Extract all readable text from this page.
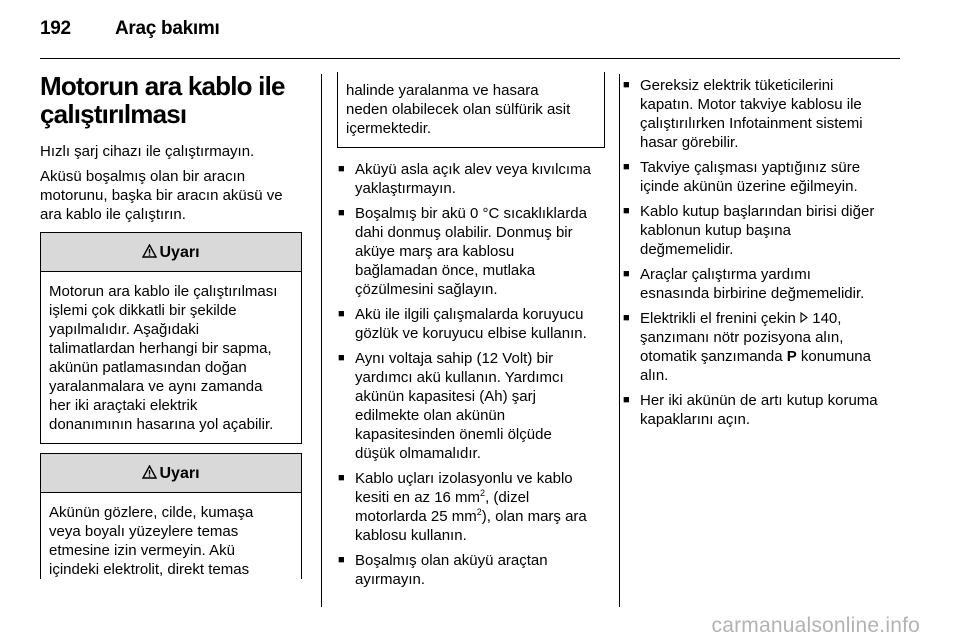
192 Araç bakımı
Motorun ara kablo ile
çalıştırılması

Hızlı şarj cihazı ile çalıştırmayın.

Aküsü boşalmış olan bir aracın
motorunu, başka bir aracın aküsü ve
ara kablo ile çalıştırın.

Uyarı
Motorun ara kablo ile çalıştırılması
işlemi çok dikkatli bir şekilde
yapılmalıdır. Aşağıdaki
talimatlardan herhangi bir sapma,
akünün patlamasından doğan
yaralanmalara ve aynı zamanda
her iki araçtaki elektrik
donanımının hasarına yol açabilir.
Uyarı
Akünün gözlere, cilde, kumaşa
veya boyalı yüzeylere temas
etmesine izin vermeyin. Akü
içindeki elektrolit, direkt temas
halinde yaralanma ve hasara
neden olabilecek olan sülfürik asit
içermektedir.
■ Aküyü asla açık alev veya kıvılcıma
yaklaştırmayın.
■ Boşalmış bir akü 0 °C sıcaklıklarda
dahi donmuş olabilir. Donmuş bir
aküye marş ara kablosu
bağlamadan önce, mutlaka
çözülmesini sağlayın.
■ Akü ile ilgili çalışmalarda koruyucu
gözlük ve koruyucu elbise kullanın.
■ Aynı voltaja sahip (12 Volt) bir
yardımcı akü kullanın. Yardımcı
akünün kapasitesi (Ah) şarj
edilmekte olan akünün
kapasitesinden önemli ölçüde
düşük olmamalıdır.
■ Kablo uçları izolasyonlu ve kablo
kesiti en az 16 $mm^2$, (dizel
motorlarda 25 $mm^2$), olan marş ara
kablosu kullanın.
■ Boşalmış olan aküyü araçtan
ayırmayın.
■ Gereksiz elektrik tüketicilerini
kapatın. Motor takviye kablosu ile
çalıştırılırken Infotainment sistemi
hasar görebilir.
■ Takviye çalışması yaptığınız süre
içinde akünün üzerine eğilmeyin.
■ Kablo kutup başlarından birisi diğer
kablonun kutup başına
değmemelidir.
■ Araçlar çalıştırma yardımı
esnasında birbirine değmemelidir.
■ Elektrikli el frenini çekin  140,
şanzımanı nötr pozisyona alın,
otomatik şanzımanda P konumuna
alın.
■ Her iki akünün de artı kutup koruma
kapaklarını açın.
carmanualsonline.info
